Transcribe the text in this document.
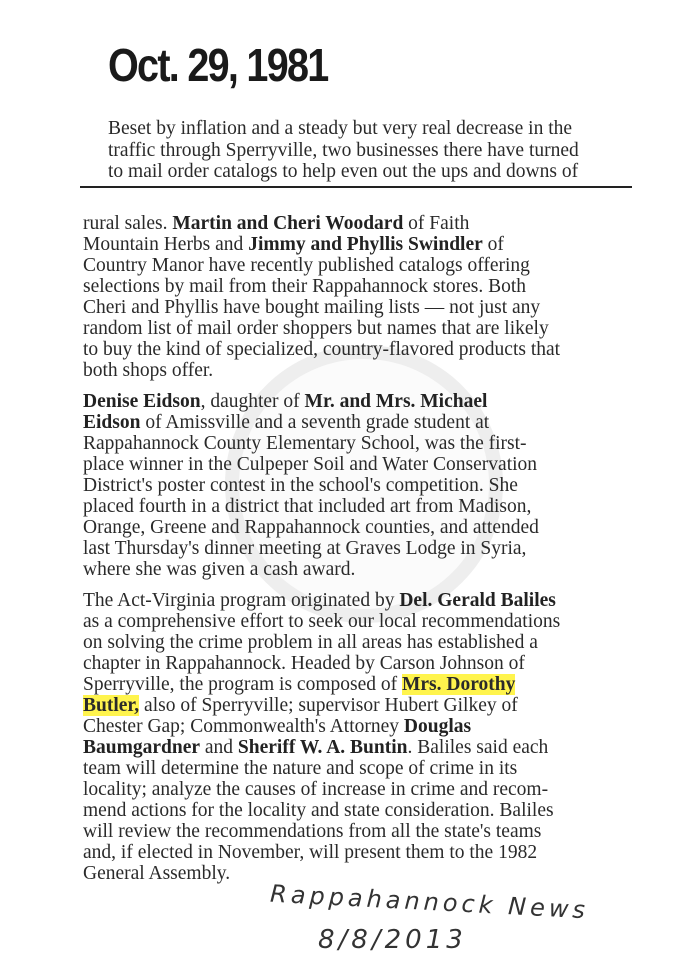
Oct. 29, 1981
Beset by inflation and a steady but very real decrease in the
traffic through Sperryville, two businesses there have turned
to mail order catalogs to help even out the ups and downs of
rural sales. Martin and Cheri Woodard of Faith
Mountain Herbs and Jimmy and Phyllis Swindler of
Country Manor have recently published catalogs offering
selections by mail from their Rappahannock stores. Both
Cheri and Phyllis have bought mailing lists — not just any
random list of mail order shoppers but names that are likely
to buy the kind of specialized, country-flavored products that
both shops offer.
Denise Eidson, daughter of Mr. and Mrs. Michael
Eidson of Amissville and a seventh grade student at
Rappahannock County Elementary School, was the first-
place winner in the Culpeper Soil and Water Conservation
District's poster contest in the school's competition. She
placed fourth in a district that included art from Madison,
Orange, Greene and Rappahannock counties, and attended
last Thursday's dinner meeting at Graves Lodge in Syria,
where she was given a cash award.
The Act-Virginia program originated by Del. Gerald Baliles
as a comprehensive effort to seek our local recommendations
on solving the crime problem in all areas has established a
chapter in Rappahannock. Headed by Carson Johnson of
Sperryville, the program is composed of Mrs. Dorothy
Butler, also of Sperryville; supervisor Hubert Gilkey of
Chester Gap; Commonwealth's Attorney Douglas
Baumgardner and Sheriff W. A. Buntin. Baliles said each
team will determine the nature and scope of crime in its
locality; analyze the causes of increase in crime and recom-
mend actions for the locality and state consideration. Baliles
will review the recommendations from all the state's teams
and, if elected in November, will present them to the 1982
General Assembly.
Rappahannock News
8/8/2013
